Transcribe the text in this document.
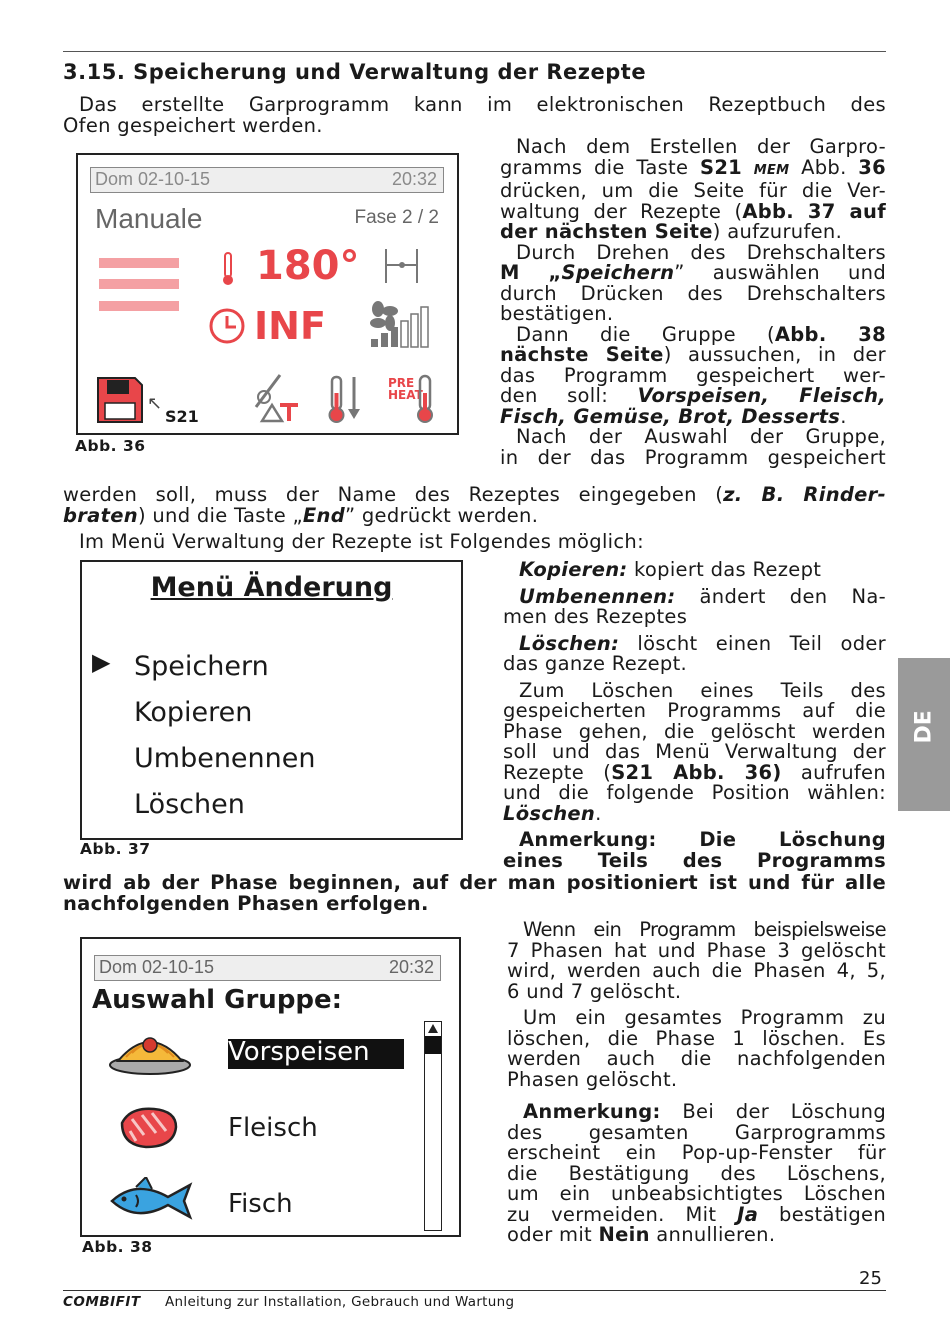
3.15. Speicherung und Verwaltung der Rezepte
Das erstellte Garprogramm kann im elektronischen Rezeptbuch des
Ofen gespeichert werden.
Nach dem Erstellen der Garpro-
gramms die Taste S21 MEM Abb. 36
drücken, um die Seite für die Ver-
waltung der Rezepte (Abb. 37 auf
der nächsten Seite) aufzurufen.
Durch Drehen des Drehschalters
M „Speichern” auswählen und
durch Drücken des Drehschalters
bestätigen.
Dann die Gruppe (Abb. 38
nächste Seite) aussuchen, in der
das Programm gespeichert wer-
den soll: Vorspeisen, Fleisch,
Fisch, Gemüse, Brot, Desserts.
Nach der Auswahl der Gruppe,
in der das Programm gespeichert
Dom 02-10-15	20:32
Manuale	Fase 2 / 2
180°
INF
↖
S21
PRE
HEAT
Abb. 36
werden soll, muss der Name des Rezeptes eingegeben (z. B. Rinder-
braten) und die Taste „End” gedrückt werden.
Im Menü Verwaltung der Rezepte ist Folgendes möglich:
Menü Änderung
▶ Speichern
Kopieren
Umbenennen
Löschen
Abb. 37
Kopieren: kopiert das Rezept
Umbenennen: ändert den Na-
men des Rezeptes
Löschen: löscht einen Teil oder
das ganze Rezept.
Zum Löschen eines Teils des
gespeicherten Programms auf die
Phase gehen, die gelöscht werden
soll und das Menü Verwaltung der
Rezepte (S21 Abb. 36) aufrufen
und die folgende Position wählen:
Löschen.
Anmerkung: Die Löschung
eines Teils des Programms
wird ab der Phase beginnen, auf der man positioniert ist und für alle
nachfolgenden Phasen erfolgen.
Dom 02-10-15	20:32
Auswahl Gruppe:
Vorspeisen
Fleisch
Fisch
Abb. 38
Wenn ein Programm beispielsweise
7 Phasen hat und Phase 3 gelöscht
wird, werden auch die Phasen 4, 5,
6 und 7 gelöscht.
Um ein gesamtes Programm zu
löschen, die Phase 1 löschen. Es
werden auch die nachfolgenden
Phasen gelöscht.
Anmerkung: Bei der Löschung
des gesamten Garprogramms
erscheint ein Pop-up-Fenster für
die Bestätigung des Löschens,
um ein unbeabsichtigtes Löschen
zu vermeiden. Mit Ja bestätigen
oder mit Nein annullieren.
DE
25
COMBIFIT Anleitung zur Installation, Gebrauch und Wartung
